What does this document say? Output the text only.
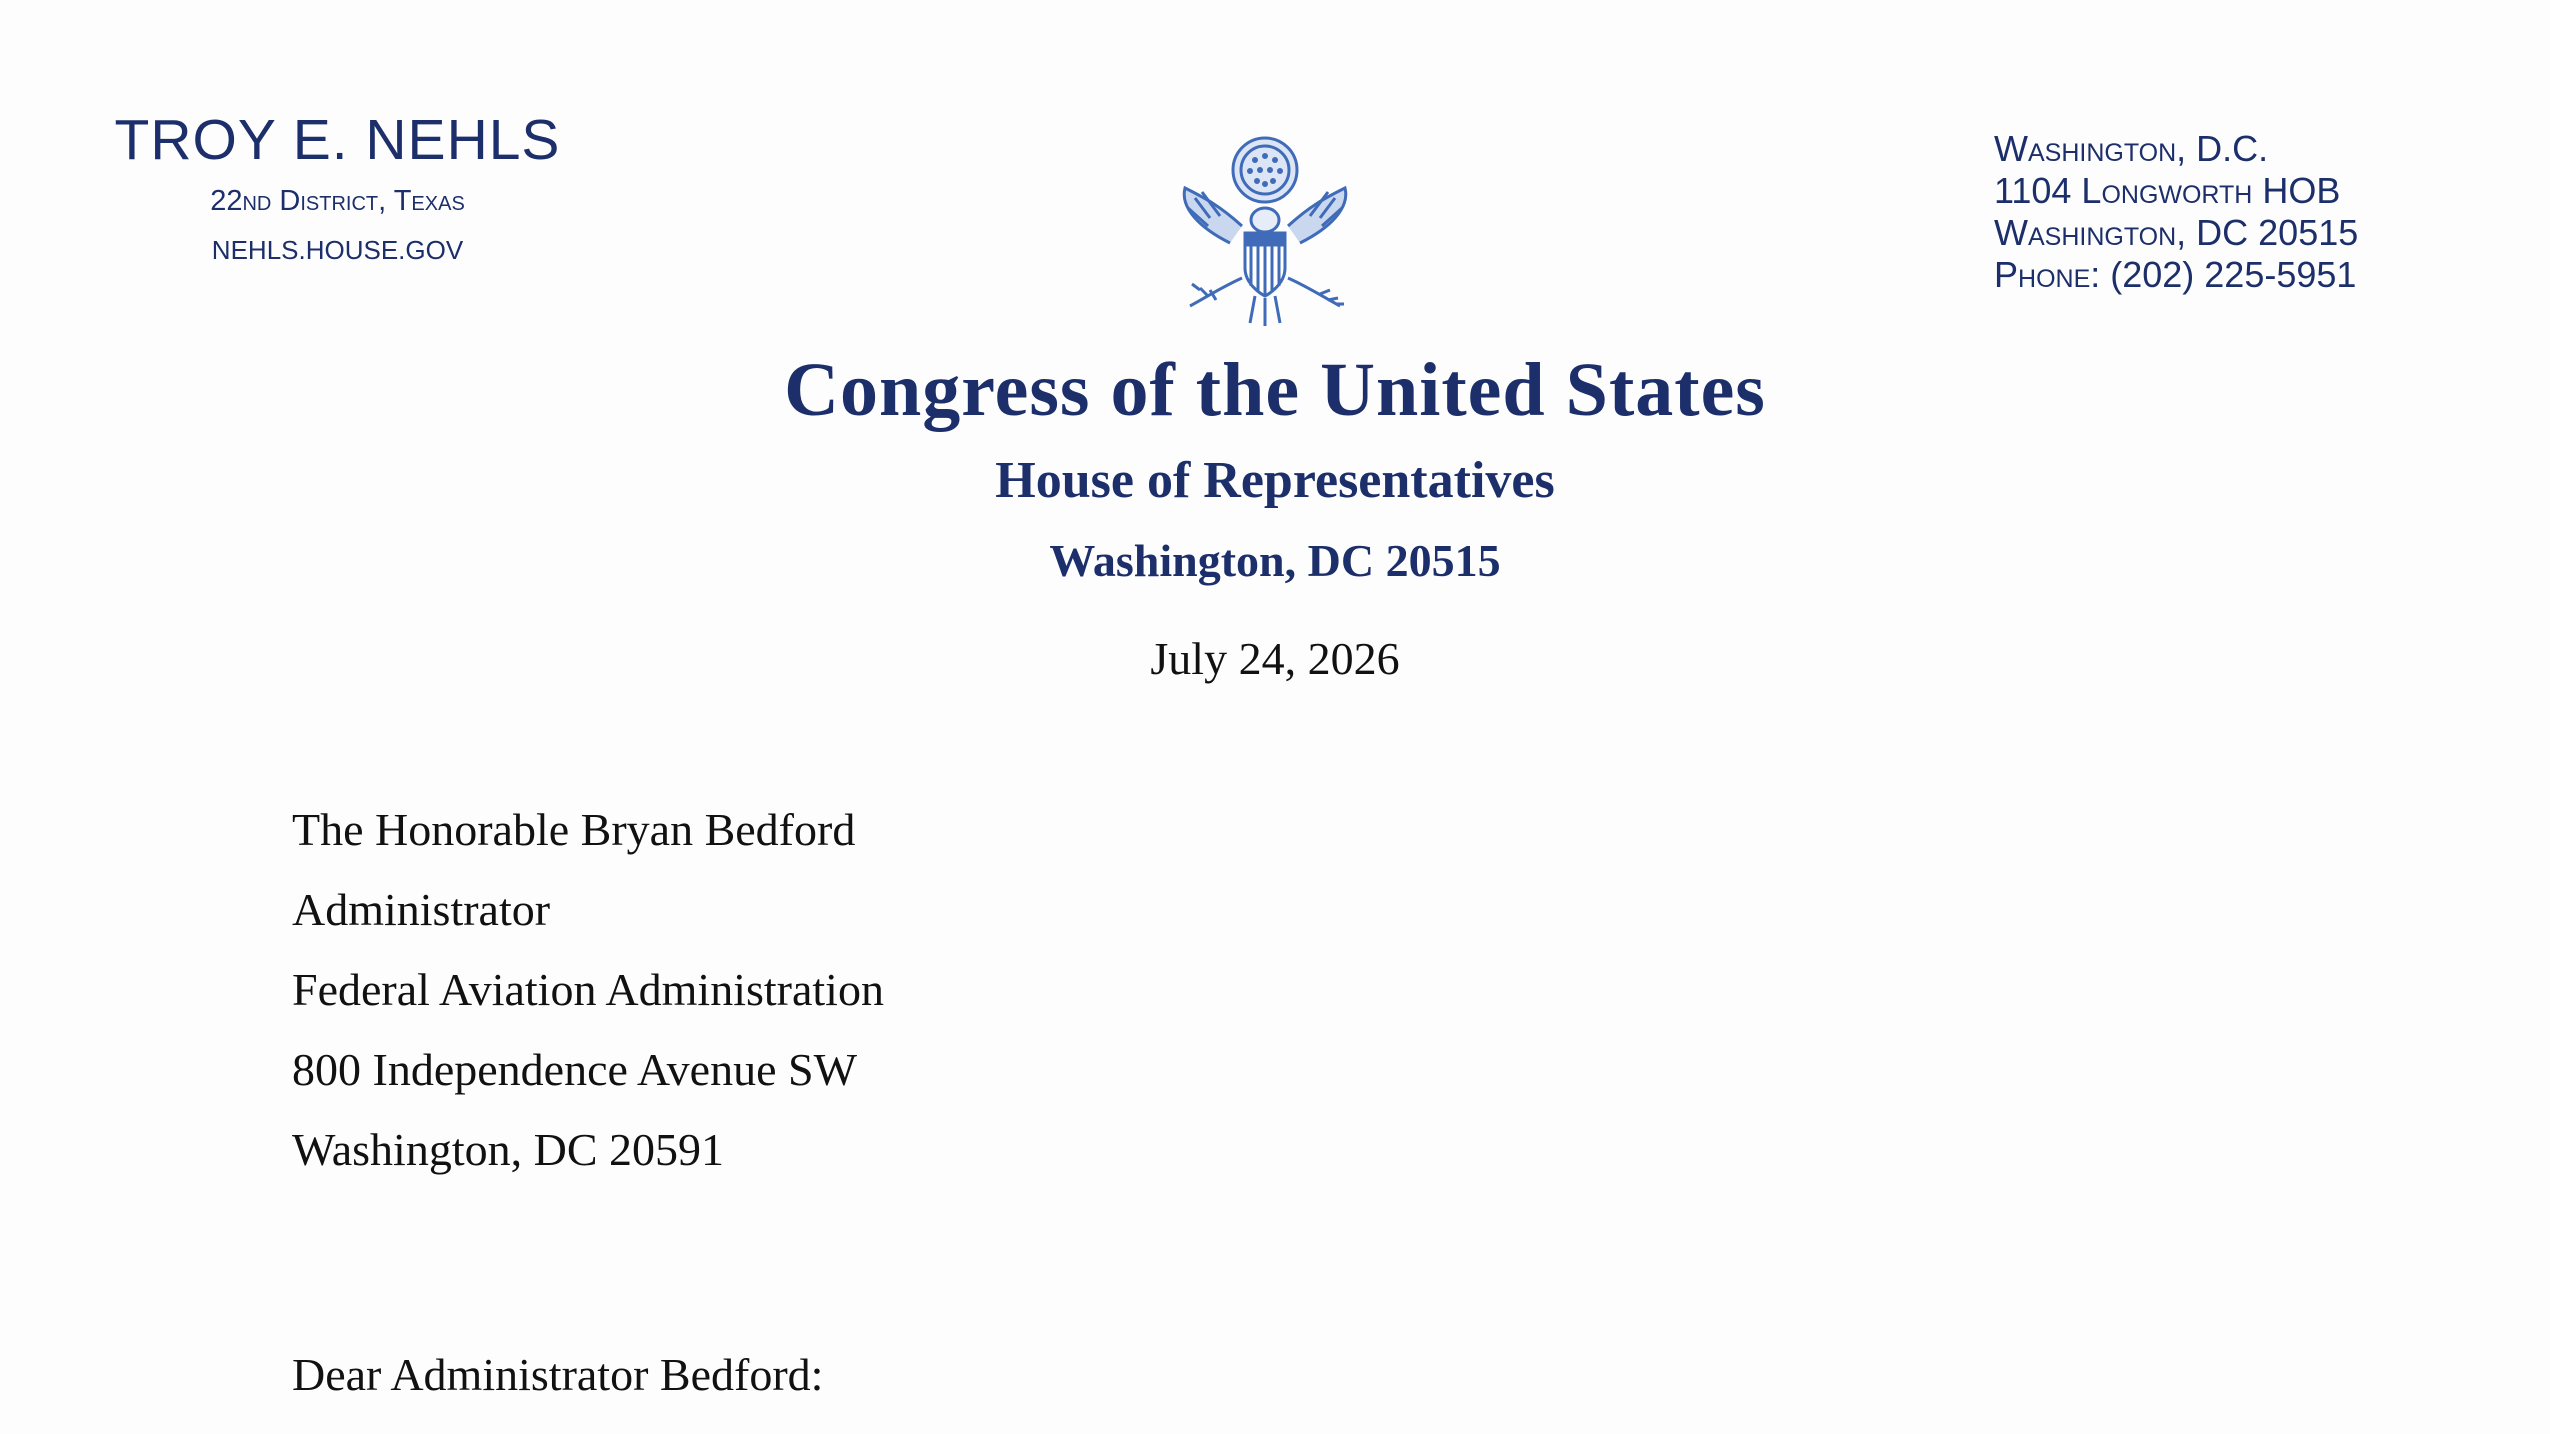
TROY E. NEHLS
22nd District, Texas
NEHLS.HOUSE.GOV
Washington, D.C.
1104 Longworth HOB
Washington, DC 20515
Phone: (202) 225-5951
Congress of the United States
House of Representatives
Washington, DC 20515
July 24, 2026
The Honorable Bryan Bedford
Administrator
Federal Aviation Administration
800 Independence Avenue SW
Washington, DC 20591
Dear Administrator Bedford:
